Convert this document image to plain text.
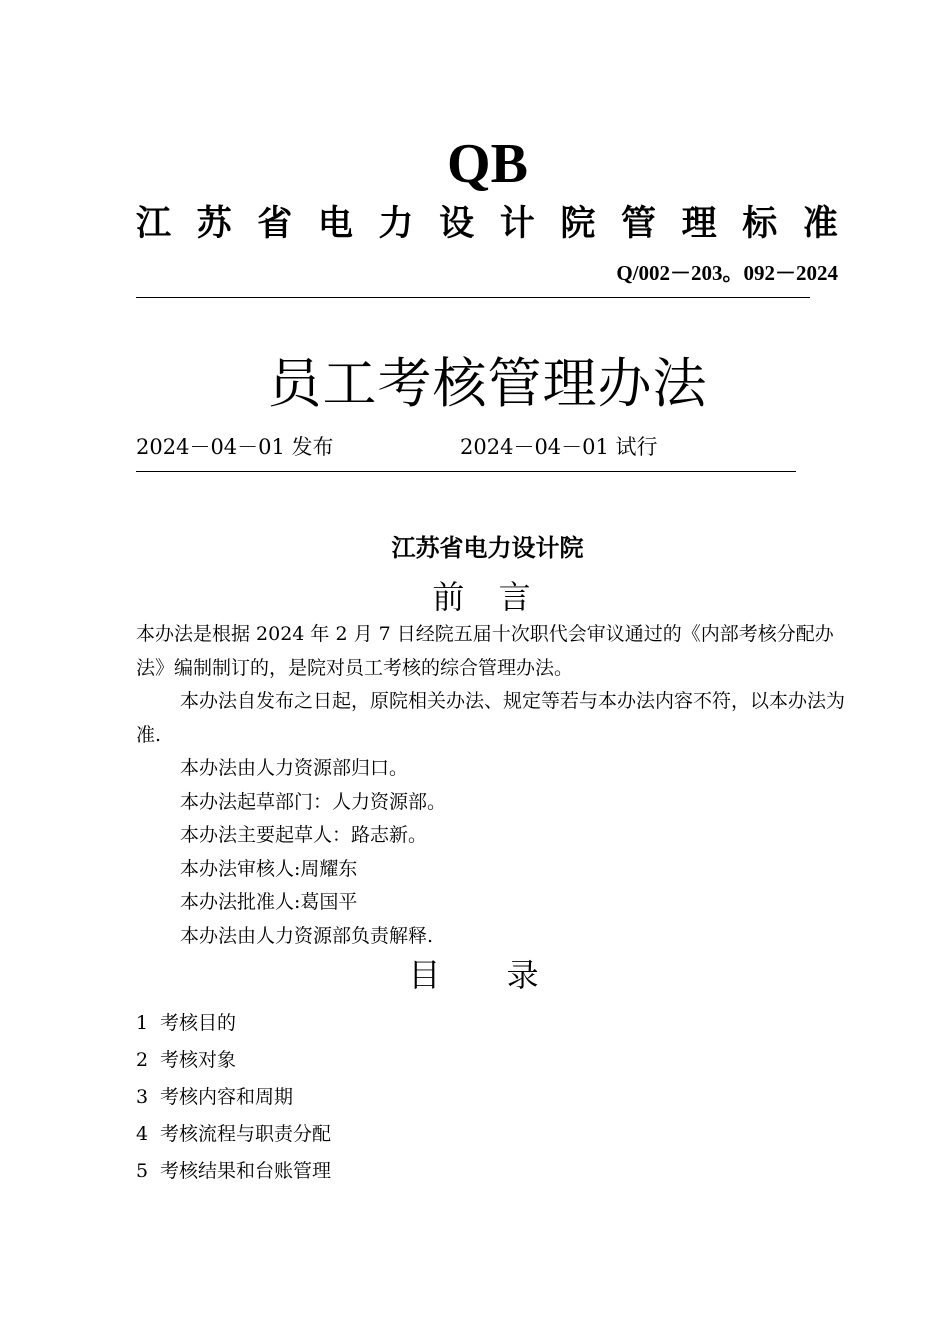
QB
江 苏 省 电 力 设 计 院 管 理 标 准
Q/002－203。092－2024
员工考核管理办法
2024－04－01 发布	2024－04－01 试行
江苏省电力设计院
前 言

本办法是根据 2024 年 2 月 7 日经院五届十次职代会审议通过的《内部考核分配办法》编制制订的，是院对员工考核的综合管理办法。

本办法自发布之日起，原院相关办法、规定等若与本办法内容不符，以本办法为准.

本办法由人力资源部归口。

本办法起草部门：人力资源部。

本办法主要起草人：路志新。

本办法审核人:周耀东

本办法批准人:葛国平

本办法由人力资源部负责解释.

目 录
1 考核目的
2 考核对象
3 考核内容和周期
4 考核流程与职责分配
5 考核结果和台账管理
